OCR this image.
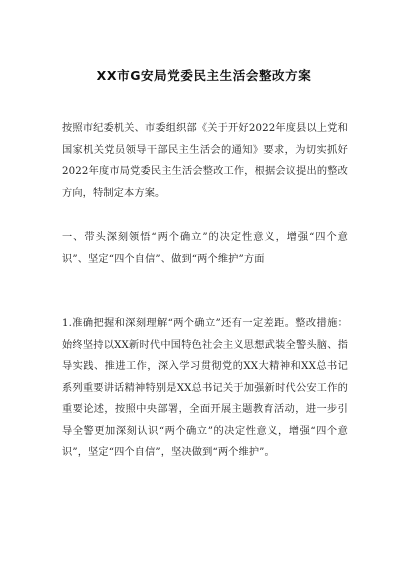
XX市G安局党委民主生活会整改方案

按照市纪委机关、市委组织部《关于开好2022年度县以上党和国家机关党员领导干部民主生活会的通知》要求，为切实抓好2022年度市局党委民主生活会整改工作，根据会议提出的整改方向，特制定本方案。

一、带头深刻领悟“两个确立”的决定性意义，增强“四个意识”、坚定“四个自信”、做到“两个维护”方面

1.准确把握和深刻理解“两个确立”还有一定差距。整改措施：始终坚持以XX新时代中国特色社会主义思想武装全警头脑、指导实践、推进工作，深入学习贯彻党的XX大精神和XX总书记系列重要讲话精神特别是XX总书记关于加强新时代公安工作的重要论述，按照中央部署，全面开展主题教育活动，进一步引导全警更加深刻认识“两个确立”的决定性意义，增强“四个意识”，坚定“四个自信”，坚决做到“两个维护”。
